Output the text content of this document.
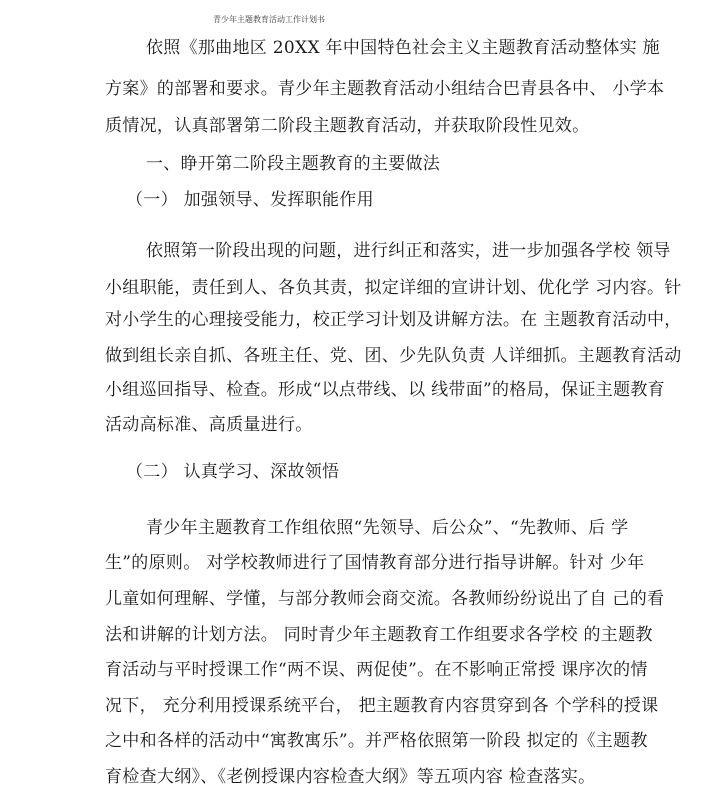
青少年主题教育活动工作计划书
依照《那曲地区 20XX 年中国特色社会主义主题教育活动整体实 施
方案》的部署和要求。青少年主题教育活动小组结合巴青县各中、 小学本
质情况，认真部署第二阶段主题教育活动，并获取阶段性见效。
一、睁开第二阶段主题教育的主要做法
（一） 加强领导、发挥职能作用
依照第一阶段出现的问题，进行纠正和落实，进一步加强各学校 领导
小组职能，责任到人、各负其责，拟定详细的宣讲计划、优化学 习内容。针
对小学生的心理接受能力，校正学习计划及讲解方法。在 主题教育活动中，
做到组长亲自抓、各班主任、党、团、少先队负责 人详细抓。主题教育活动
小组巡回指导、检查。形成“以点带线、以 线带面”的格局，保证主题教育
活动高标准、高质量进行。
（二） 认真学习、深故领悟
青少年主题教育工作组依照“先领导、后公众”、“先教师、后 学
生”的原则。 对学校教师进行了国情教育部分进行指导讲解。针对 少年
儿童如何理解、学懂，与部分教师会商交流。各教师纷纷说出了自 己的看
法和讲解的计划方法。 同时青少年主题教育工作组要求各学校 的主题教
育活动与平时授课工作“两不误、两促使”。在不影响正常授 课序次的情
况下， 充分利用授课系统平台， 把主题教育内容贯穿到各 个学科的授课
之中和各样的活动中“寓教寓乐”。并严格依照第一阶段 拟定的《主题教
育检查大纲》、《老例授课内容检查大纲》等五项内容 检查落实。
